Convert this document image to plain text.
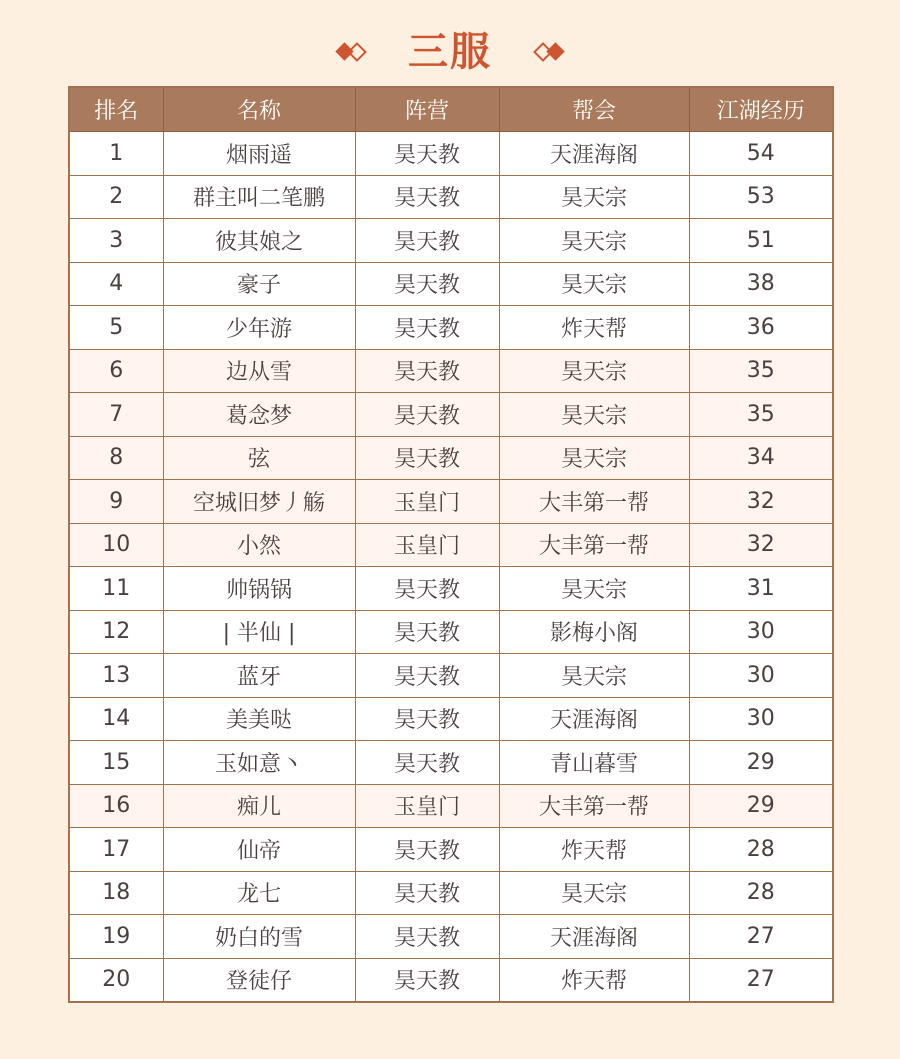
三服
排名	名称	阵营	帮会	江湖经历
1	烟雨遥	昊天教	天涯海阁	54
2	群主叫二笔鹏	昊天教	昊天宗	53
3	彼其娘之	昊天教	昊天宗	51
4	豪子	昊天教	昊天宗	38
5	少年游	昊天教	炸天帮	36
6	边从雪	昊天教	昊天宗	35
7	葛念梦	昊天教	昊天宗	35
8	弦	昊天教	昊天宗	34
9	空城旧梦丿觞	玉皇门	大丰第一帮	32
10	小然	玉皇门	大丰第一帮	32
11	帅锅锅	昊天教	昊天宗	31
12	| 半仙 |	昊天教	影梅小阁	30
13	蓝牙	昊天教	昊天宗	30
14	美美哒	昊天教	天涯海阁	30
15	玉如意丶	昊天教	青山暮雪	29
16	痴儿	玉皇门	大丰第一帮	29
17	仙帝	昊天教	炸天帮	28
18	龙七	昊天教	昊天宗	28
19	奶白的雪	昊天教	天涯海阁	27
20	登徒仔	昊天教	炸天帮	27
